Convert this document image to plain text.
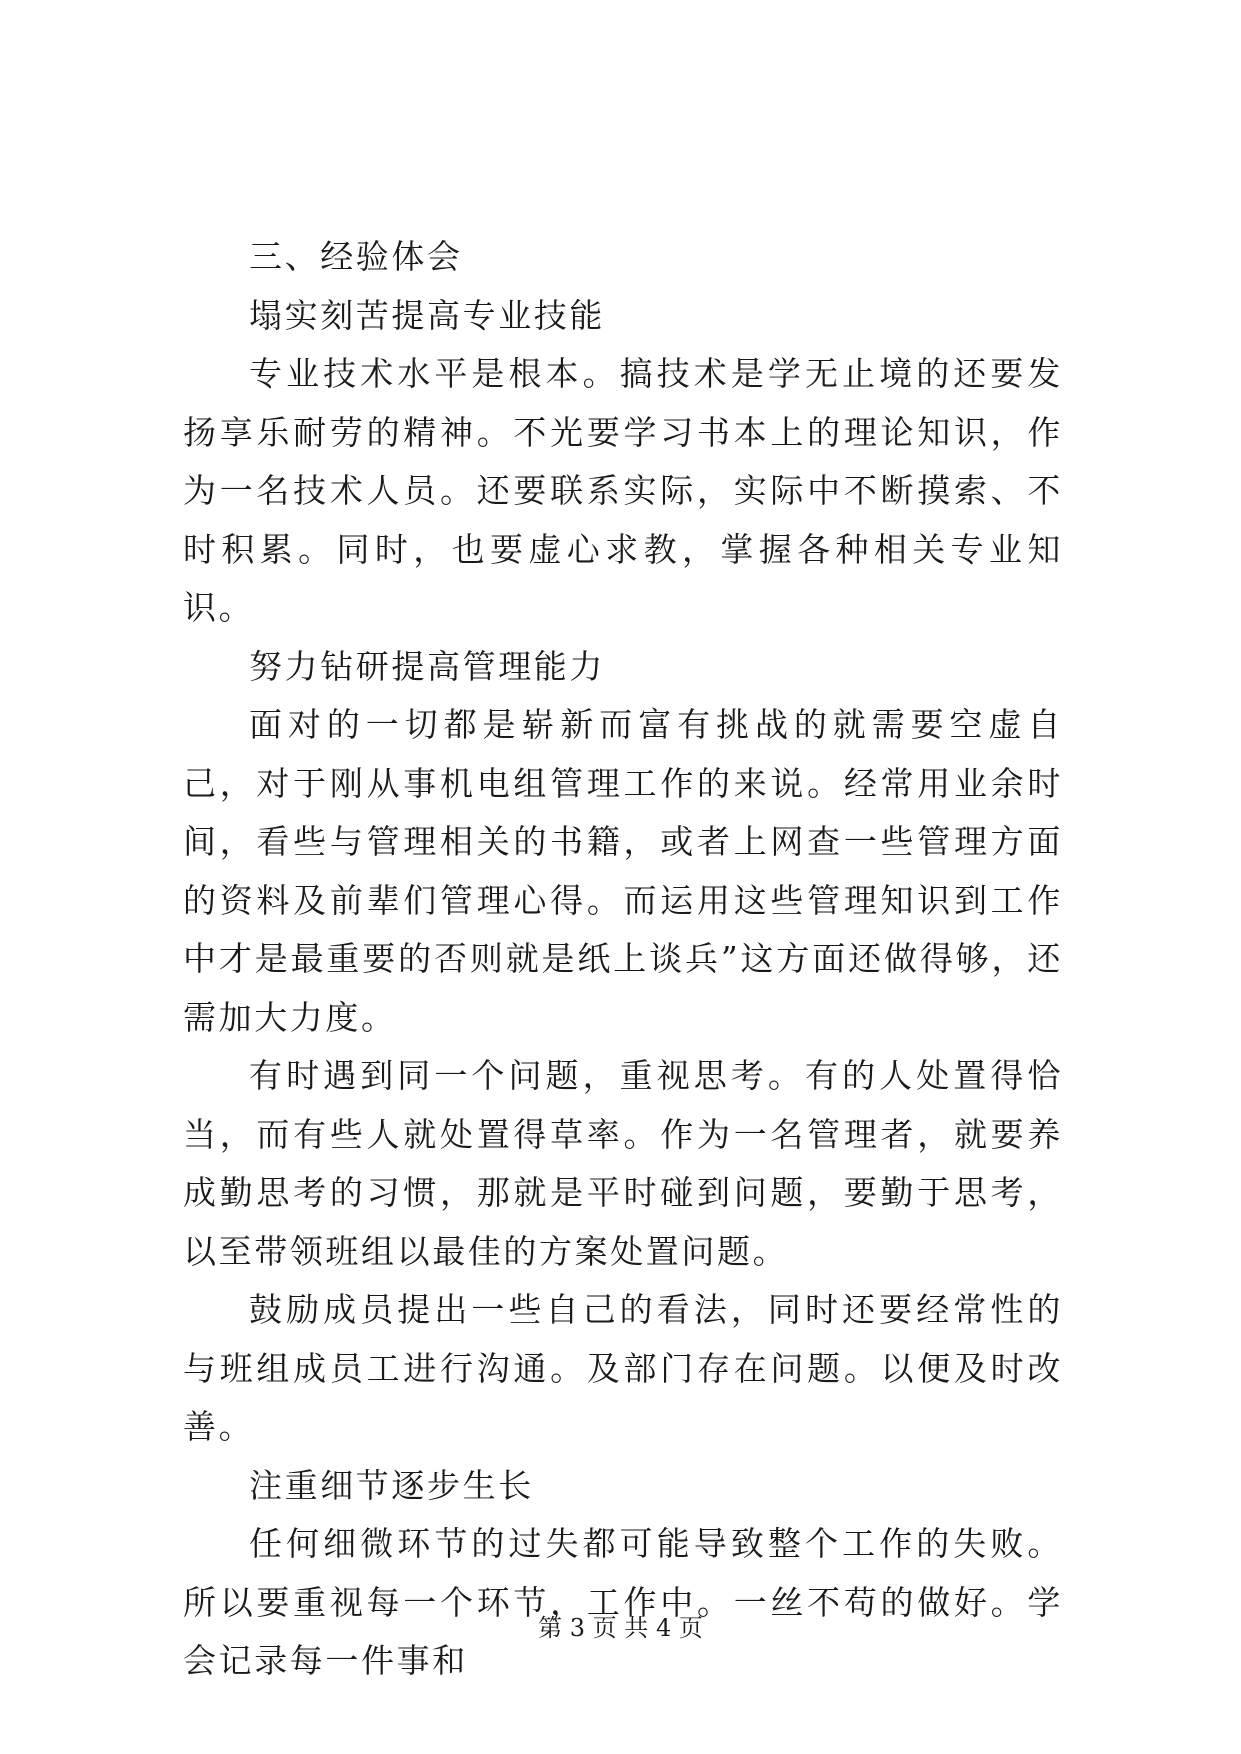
三、经验体会

塌实刻苦提高专业技能

专业技术水平是根本。搞技术是学无止境的还要发扬享乐耐劳的精神。不光要学习书本上的理论知识，作为一名技术人员。还要联系实际，实际中不断摸索、不时积累。同时，也要虚心求教，掌握各种相关专业知识。

努力钻研提高管理能力

面对的一切都是崭新而富有挑战的就需要空虚自己，对于刚从事机电组管理工作的来说。经常用业余时间，看些与管理相关的书籍，或者上网查一些管理方面的资料及前辈们管理心得。而运用这些管理知识到工作中才是最重要的否则就是纸上谈兵”这方面还做得够，还需加大力度。

有时遇到同一个问题，重视思考。有的人处置得恰当，而有些人就处置得草率。作为一名管理者，就要养成勤思考的习惯，那就是平时碰到问题，要勤于思考，以至带领班组以最佳的方案处置问题。

鼓励成员提出一些自己的看法，同时还要经常性的与班组成员工进行沟通。及部门存在问题。以便及时改善。

注重细节逐步生长

任何细微环节的过失都可能导致整个工作的失败。所以要重视每一个环节，工作中。一丝不苟的做好。学会记录每一件事和

第 3 页 共 4 页
